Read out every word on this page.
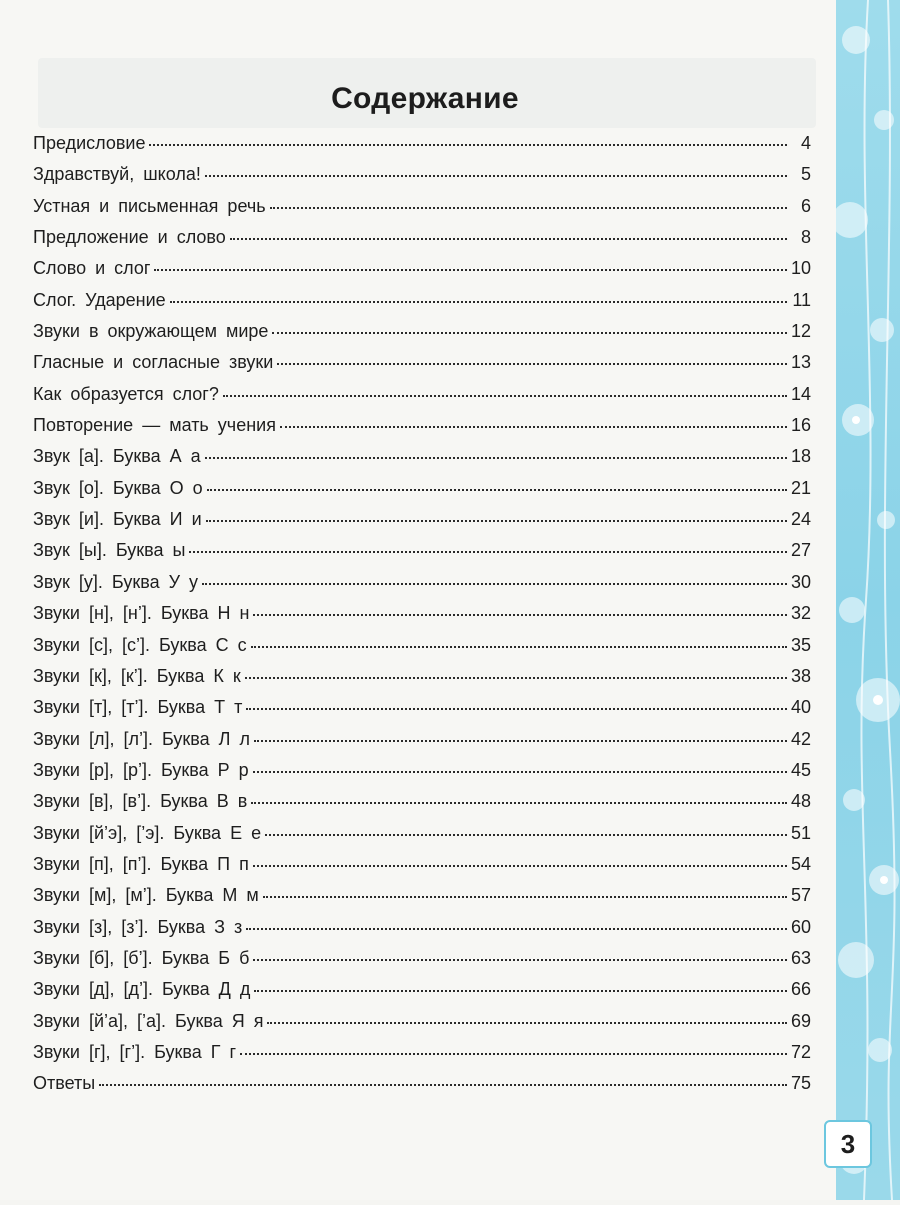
Содержание
Предисловие	4
Здравствуй, школа!	5
Устная и письменная речь	6
Предложение и слово	8
Слово и слог	10
Слог. Ударение	11
Звуки в окружающем мире	12
Гласные и согласные звуки	13
Как образуется слог?	14
Повторение — мать учения	16
Звук [а]. Буква А а	18
Звук [о]. Буква О о	21
Звук [и]. Буква И и	24
Звук [ы]. Буква ы	27
Звук [у]. Буква У у	30
Звуки [н], [н’]. Буква Н н	32
Звуки [с], [с’]. Буква С с	35
Звуки [к], [к’]. Буква К к	38
Звуки [т], [т’]. Буква Т т	40
Звуки [л], [л’]. Буква Л л	42
Звуки [р], [р’]. Буква Р р	45
Звуки [в], [в’]. Буква В в	48
Звуки [й’э], [’э]. Буква Е е	51
Звуки [п], [п’]. Буква П п	54
Звуки [м], [м’]. Буква М м	57
Звуки [з], [з’]. Буква З з	60
Звуки [б], [б’]. Буква Б б	63
Звуки [д], [д’]. Буква Д д	66
Звуки [й’а], [’а]. Буква Я я	69
Звуки [г], [г’]. Буква Г г	72
Ответы	75
3
